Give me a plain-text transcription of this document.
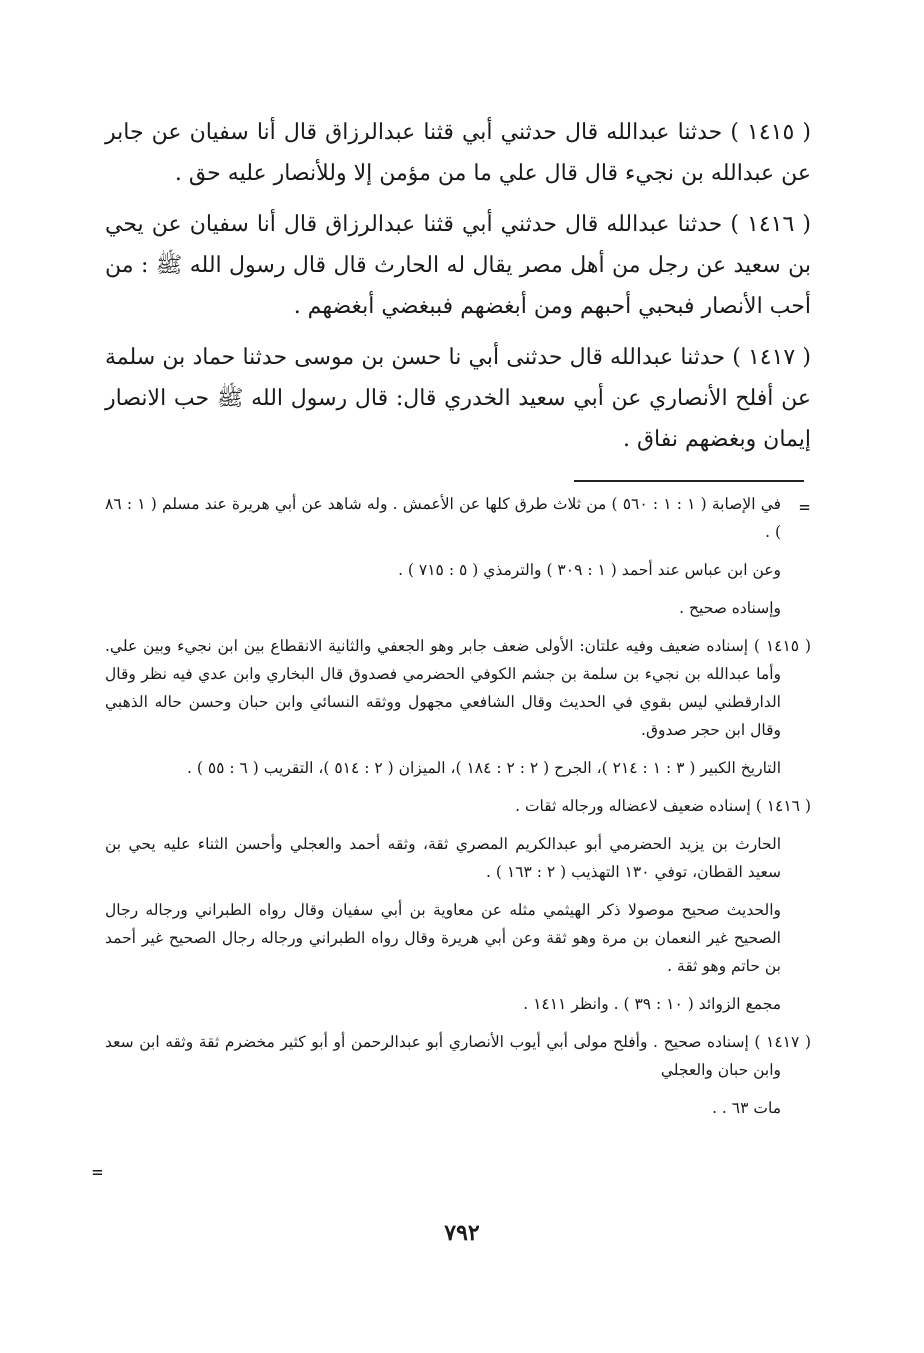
( ١٤١٥ ) حدثنا عبدالله قال حدثني أبي قثنا عبدالرزاق قال أنا سفيان عن جابر عن عبدالله بن نجيء قال قال علي ما من مؤمن إلا وللأنصار عليه حق .

( ١٤١٦ ) حدثنا عبدالله قال حدثني أبي قثنا عبدالرزاق قال أنا سفيان عن يحي بن سعيد عن رجل من أهل مصر يقال له الحارث قال قال رسول الله ﷺ : من أحب الأنصار فبحبي أحبهم ومن أبغضهم فببغضي أبغضهم .

( ١٤١٧ ) حدثنا عبدالله قال حدثنى أبي نا حسن بن موسى حدثنا حماد بن سلمة عن أفلح الأنصاري عن أبي سعيد الخدري قال: قال رسول الله ﷺ حب الانصار إيمان وبغضهم نفاق .

=
في الإصابة ( ١ : ١ : ٥٦٠ ) من ثلاث طرق كلها عن الأعمش . وله شاهد عن أبي هريرة عند مسلم ( ١ : ٨٦ ) .
وعن ابن عباس عند أحمد ( ١ : ٣٠٩ ) والترمذي ( ٥ : ٧١٥ ) .
وإسناده صحيح .
( ١٤١٥ ) إسناده ضعيف وفيه علتان: الأولى ضعف جابر وهو الجعفي والثانية الانقطاع بين ابن نجيء وبين علي. وأما عبدالله بن نجيء بن سلمة بن جشم الكوفي الحضرمي فصدوق قال البخاري وابن عدي فيه نظر وقال الدارقطني ليس بقوي في الحديث وقال الشافعي مجهول ووثقه النسائي وابن حبان وحسن حاله الذهبي وقال ابن حجر صدوق.
التاريخ الكبير ( ٣ : ١ : ٢١٤ )، الجرح ( ٢ : ٢ : ١٨٤ )، الميزان ( ٢ : ٥١٤ )، التقريب ( ٦ : ٥٥ ) .
( ١٤١٦ ) إسناده ضعيف لاعضاله ورجاله ثقات .
الحارث بن يزيد الحضرمي أبو عبدالكريم المصري ثقة، وثقه أحمد والعجلي وأحسن الثناء عليه يحي بن سعيد القطان، توفي ١٣٠ التهذيب ( ٢ : ١٦٣ ) .
والحديث صحيح موصولا ذكر الهيثمي مثله عن معاوية بن أبي سفيان وقال رواه الطبراني ورجاله رجال الصحيح غير النعمان بن مرة وهو ثقة وعن أبي هريرة وقال رواه الطبراني ورجاله رجال الصحيح غير أحمد بن حاتم وهو ثقة .
مجمع الزوائد ( ١٠ : ٣٩ ) . وانظر ١٤١١ .
( ١٤١٧ ) إسناده صحيح . وأفلح مولى أبي أيوب الأنصاري أبو عبدالرحمن أو أبو كثير مخضرم ثقة وثقه ابن سعد وابن حبان والعجلي
مات ٦٣ . .
=
٧٩٢
